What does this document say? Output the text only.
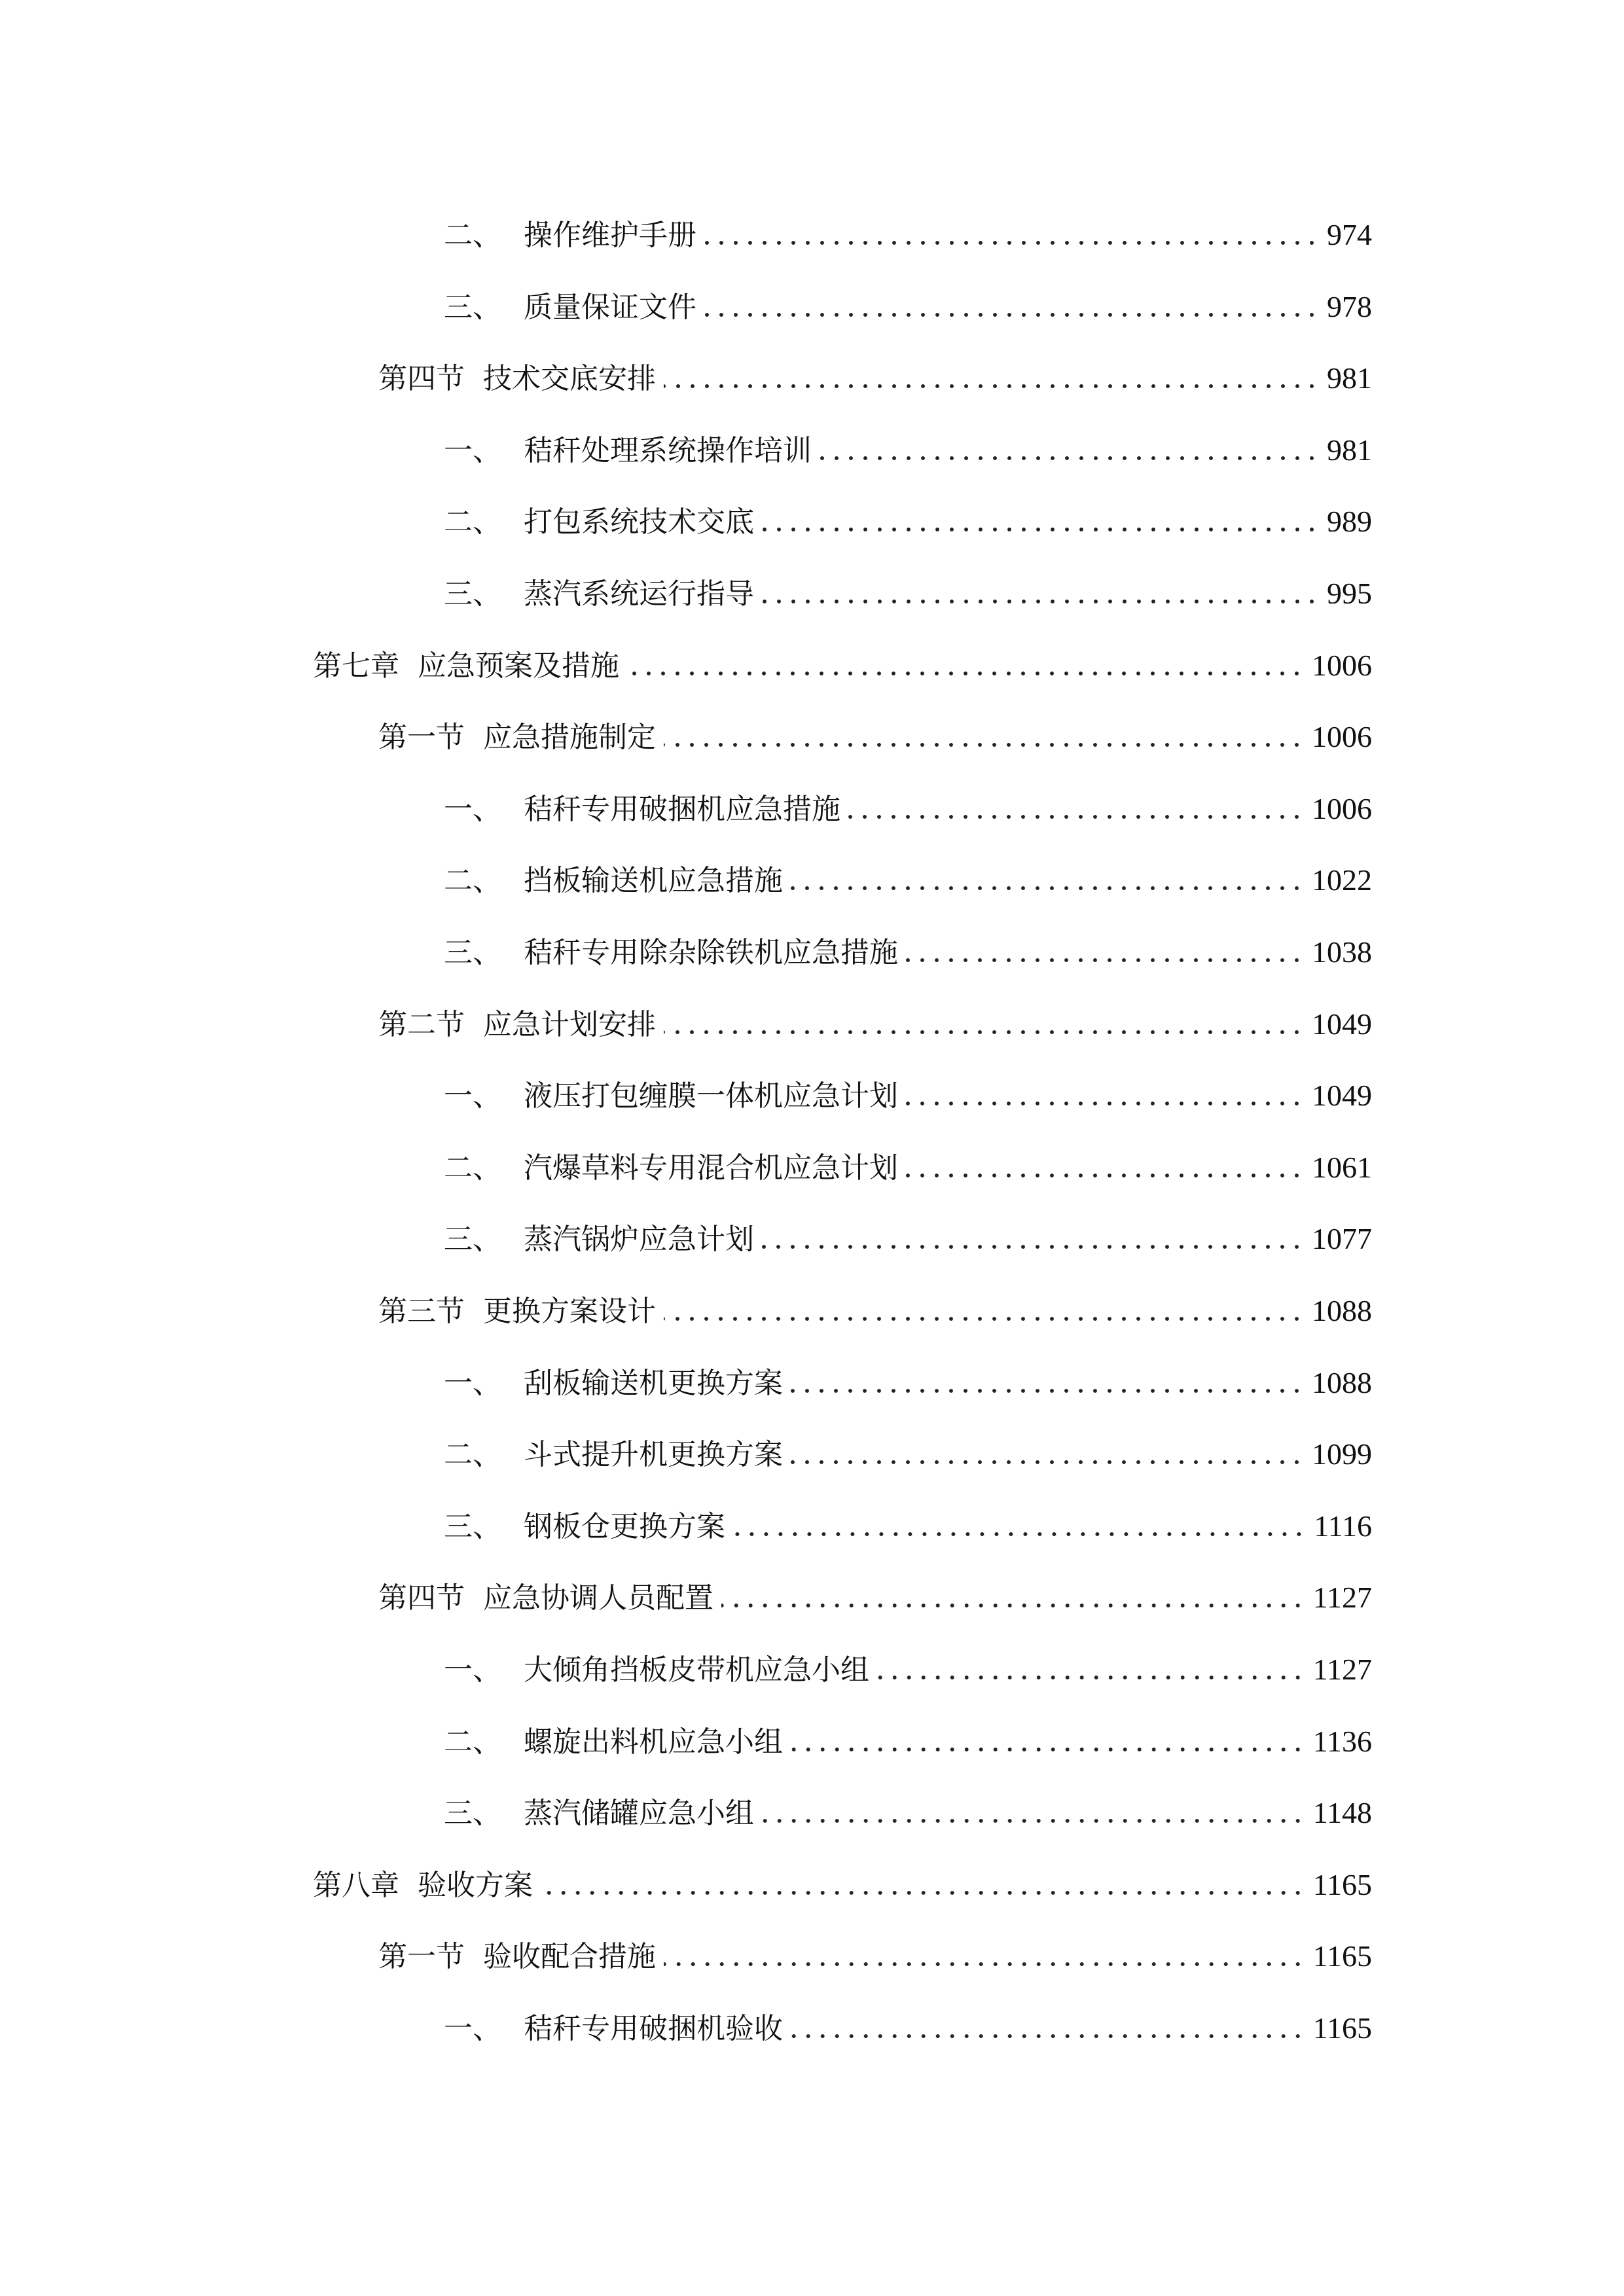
二、 操作维护手册	974
三、 质量保证文件	978
第四节 技术交底安排	981
一、 秸秆处理系统操作培训	981
二、 打包系统技术交底	989
三、 蒸汽系统运行指导	995
第七章 应急预案及措施	1006
第一节 应急措施制定	1006
一、 秸秆专用破捆机应急措施	1006
二、 挡板输送机应急措施	1022
三、 秸秆专用除杂除铁机应急措施	1038
第二节 应急计划安排	1049
一、 液压打包缠膜一体机应急计划	1049
二、 汽爆草料专用混合机应急计划	1061
三、 蒸汽锅炉应急计划	1077
第三节 更换方案设计	1088
一、 刮板输送机更换方案	1088
二、 斗式提升机更换方案	1099
三、 钢板仓更换方案	1116
第四节 应急协调人员配置	1127
一、 大倾角挡板皮带机应急小组	1127
二、 螺旋出料机应急小组	1136
三、 蒸汽储罐应急小组	1148
第八章 验收方案	1165
第一节 验收配合措施	1165
一、 秸秆专用破捆机验收	1165
